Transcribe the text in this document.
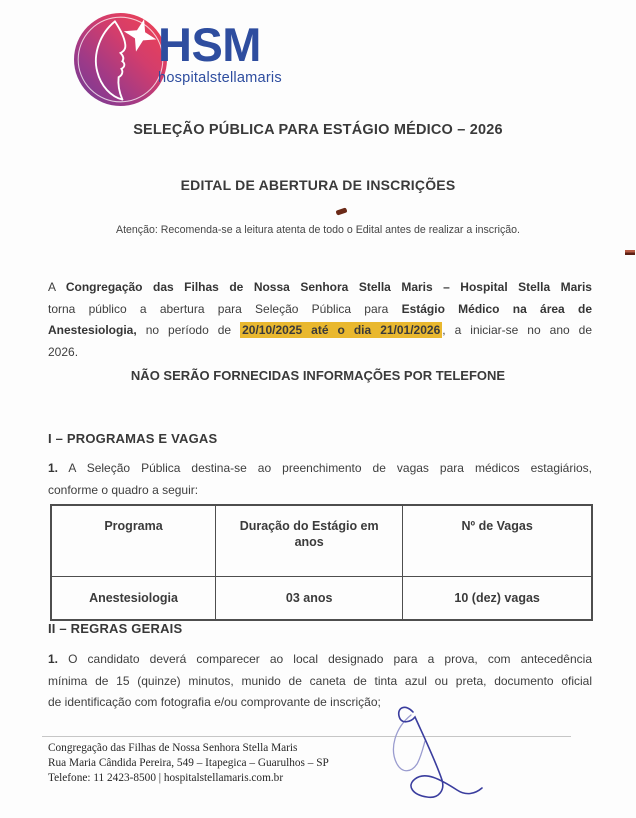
HSM
hospitalstellamaris
SELEÇÃO PÚBLICA PARA ESTÁGIO MÉDICO – 2026
EDITAL DE ABERTURA DE INSCRIÇÕES
Atenção: Recomenda-se a leitura atenta de todo o Edital antes de realizar a inscrição.
A Congregação das Filhas de Nossa Senhora Stella Maris – Hospital Stella Maris
torna público a abertura para Seleção Pública para Estágio Médico na área de
Anestesiologia, no período de 20/10/2025 até o dia 21/01/2026 , a iniciar-se no ano de
2026.
NÃO SERÃO FORNECIDAS INFORMAÇÕES POR TELEFONE
I – PROGRAMAS E VAGAS
1. A Seleção Pública destina-se ao preenchimento de vagas para médicos estagiários,
conforme o quadro a seguir:
Programa	Duração do Estágio em anos	Nº de Vagas
Anestesiologia	03 anos	10 (dez) vagas
II – REGRAS GERAIS
1. O candidato deverá comparecer ao local designado para a prova, com antecedência
mínima de 15 (quinze) minutos, munido de caneta de tinta azul ou preta, documento oficial
de identificação com fotografia e/ou comprovante de inscrição;
Congregação das Filhas de Nossa Senhora Stella Maris
Rua Maria Cândida Pereira, 549 – Itapegica – Guarulhos – SP
Telefone: 11 2423-8500 | hospitalstellamaris.com.br
